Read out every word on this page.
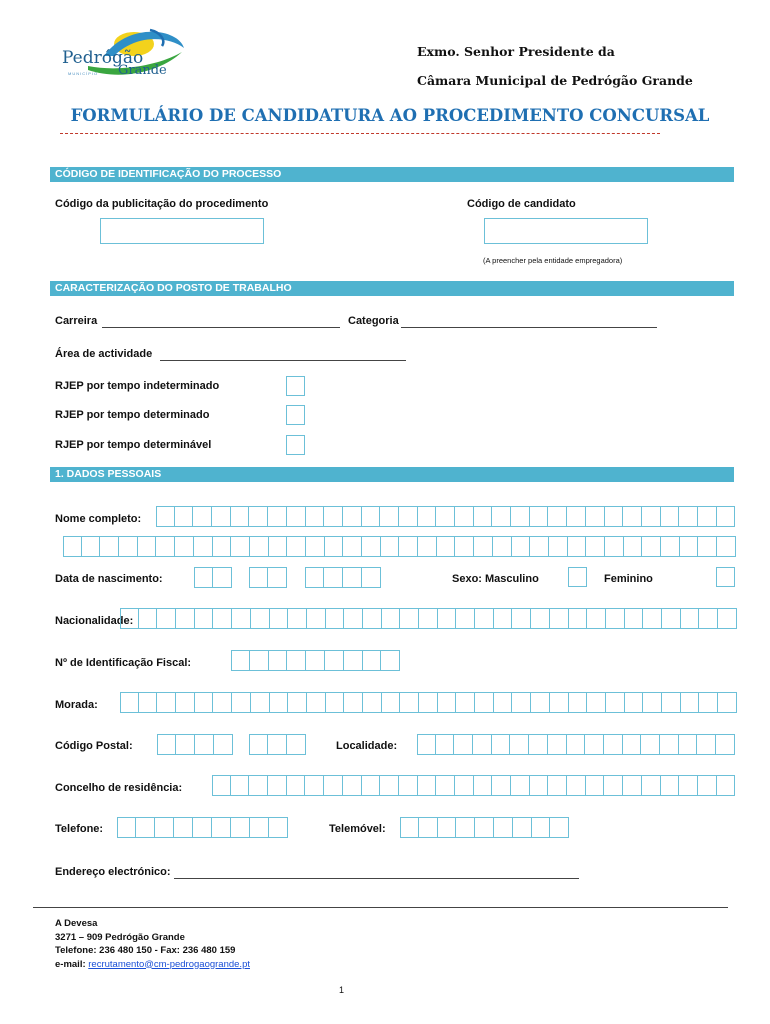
Pedrógão
Grande
MUNICÍPIO
Exmo. Senhor Presidente da
Câmara Municipal de Pedrógão Grande
FORMULÁRIO DE CANDIDATURA AO PROCEDIMENTO CONCURSAL
CÓDIGO DE IDENTIFICAÇÃO DO PROCESSO
Código da publicitação do procedimento	Código de candidato
(A preencher pela entidade empregadora)
CARACTERIZAÇÃO DO POSTO DE TRABALHO
Carreira	Categoria
Área de actividade
RJEP por tempo indeterminado
RJEP por tempo determinado
RJEP por tempo determinável
1. DADOS PESSOAIS
Nome completo:
Data de nascimento:	Sexo: Masculino	Feminino
Nacionalidade:
Nº de Identificação Fiscal:
Morada:
Código Postal:	Localidade:
Concelho de residência:
Telefone:	Telemóvel:
Endereço electrónico:
A Devesa
3271 – 909 Pedrógão Grande
Telefone: 236 480 150 - Fax: 236 480 159
e-mail: recrutamento@cm-pedrogaogrande.pt
1
